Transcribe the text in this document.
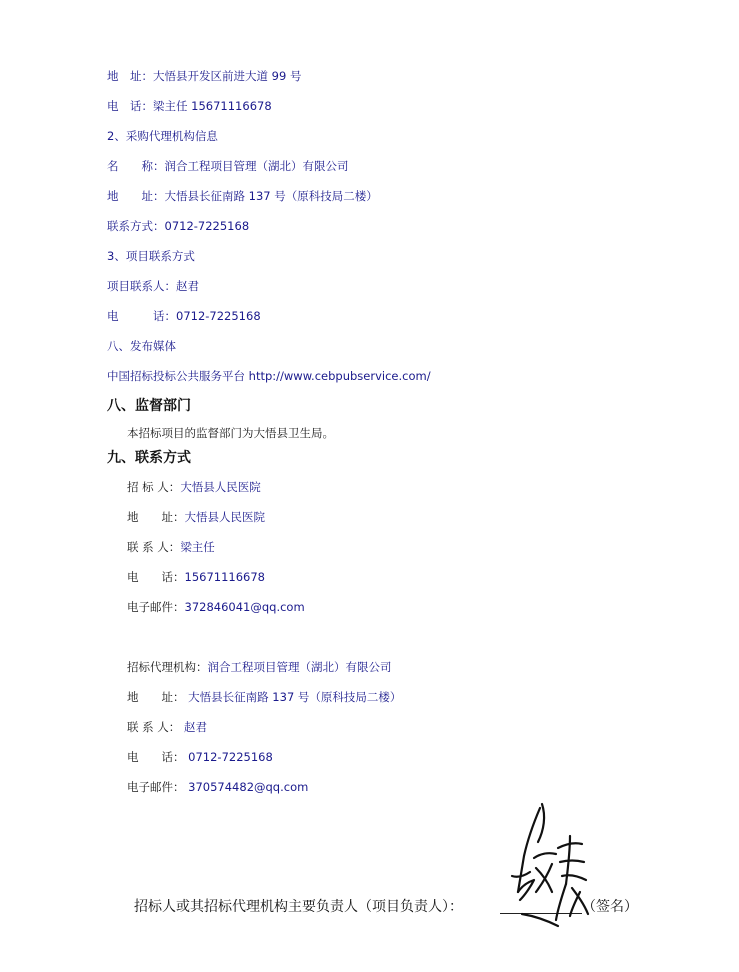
地　址：大悟县开发区前进大道 99 号
电　话：梁主任 15671116678
2、采购代理机构信息
名　　称：润合工程项目管理（湖北）有限公司
地　　址：大悟县长征南路 137 号（原科技局二楼）
联系方式：0712-7225168
3、项目联系方式
项目联系人：赵君
电　　　话：0712-7225168
八、发布媒体
中国招标投标公共服务平台 http://www.cebpubservice.com/
八、监督部门
本招标项目的监督部门为大悟县卫生局。
九、联系方式
招 标 人：大悟县人民医院
地　　址：大悟县人民医院
联 系 人：梁主任
电　　话：15671116678
电子邮件：372846041@qq.com
招标代理机构：润合工程项目管理（湖北）有限公司
地　　址： 大悟县长征南路 137 号（原科技局二楼）
联 系 人： 赵君
电　　话： 0712-7225168
电子邮件： 370574482@qq.com
招标人或其招标代理机构主要负责人（项目负责人）：	（签名）
